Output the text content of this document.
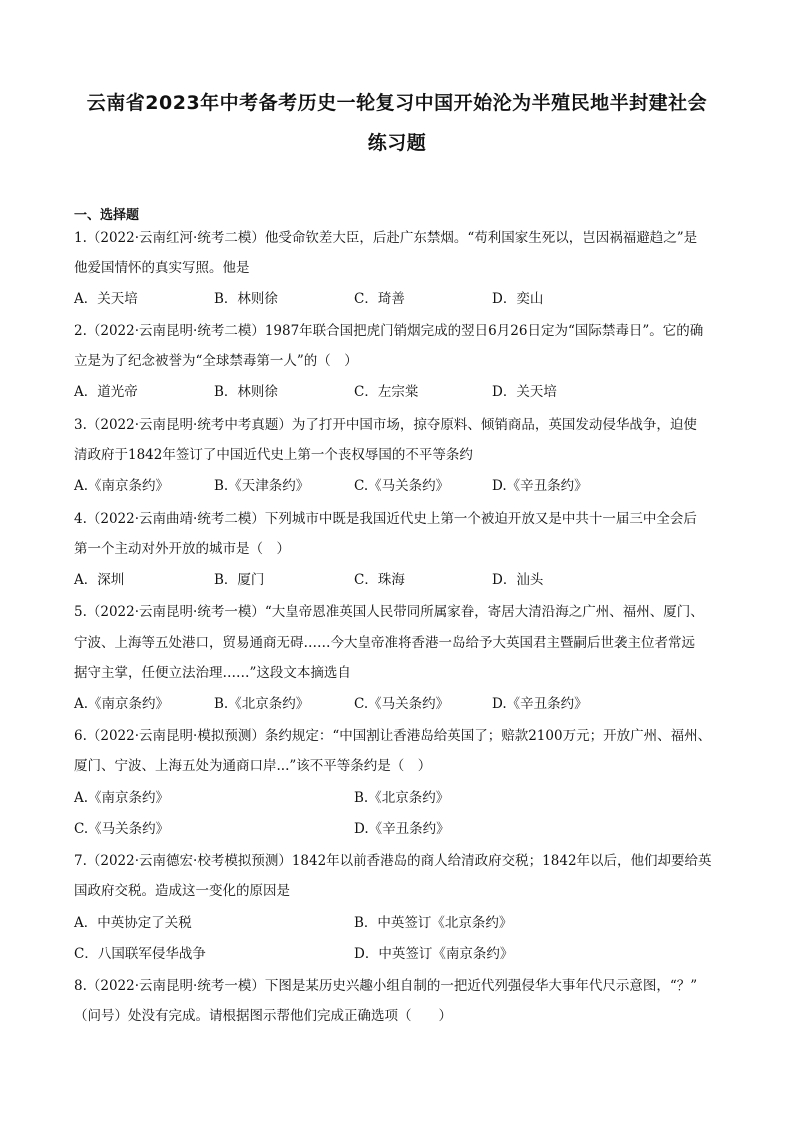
云南省2023年中考备考历史一轮复习中国开始沦为半殖民地半封建社会
练习题
一、选择题
1.（2022·云南红河·统考二模）他受命钦差大臣，后赴广东禁烟。“苟利国家生死以，岂因祸福避趋之”是
他爱国情怀的真实写照。他是
A．关天培	B．林则徐	C．琦善	D．奕山
2.（2022·云南昆明·统考二模）1987年联合国把虎门销烟完成的翌日6月26日定为“国际禁毒日”。它的确
立是为了纪念被誉为“全球禁毒第一人”的（　）
A．道光帝	B．林则徐	C．左宗棠	D．关天培
3.（2022·云南昆明·统考中考真题）为了打开中国市场，掠夺原料、倾销商品，英国发动侵华战争，迫使
清政府于1842年签订了中国近代史上第一个丧权辱国的不平等条约
A.《南京条约》	B.《天津条约》	C.《马关条约》	D.《辛丑条约》
4.（2022·云南曲靖·统考二模）下列城市中既是我国近代史上第一个被迫开放又是中共十一届三中全会后
第一个主动对外开放的城市是（　）
A．深圳	B．厦门	C．珠海	D．汕头
5.（2022·云南昆明·统考一模）“大皇帝恩准英国人民带同所属家眷，寄居大清沿海之广州、福州、厦门、
宁波、上海等五处港口，贸易通商无碍……今大皇帝准将香港一岛给予大英国君主暨嗣后世袭主位者常远
据守主掌，任便立法治理……”这段文本摘选自
A.《南京条约》	B.《北京条约》	C.《马关条约》	D.《辛丑条约》
6.（2022·云南昆明·模拟预测）条约规定：“中国割让香港岛给英国了；赔款2100万元；开放广州、福州、
厦门、宁波、上海五处为通商口岸...”该不平等条约是（　）
A.《南京条约》	B.《北京条约》
C.《马关条约》	D.《辛丑条约》
7.（2022·云南德宏·校考模拟预测）1842年以前香港岛的商人给清政府交税；1842年以后，他们却要给英
国政府交税。造成这一变化的原因是
A．中英协定了关税	B．中英签订《北京条约》
C．八国联军侵华战争	D．中英签订《南京条约》
8.（2022·云南昆明·统考一模）下图是某历史兴趣小组自制的一把近代列强侵华大事年代尺示意图，“？”
（问号）处没有完成。请根据图示帮他们完成正确选项（　　）
